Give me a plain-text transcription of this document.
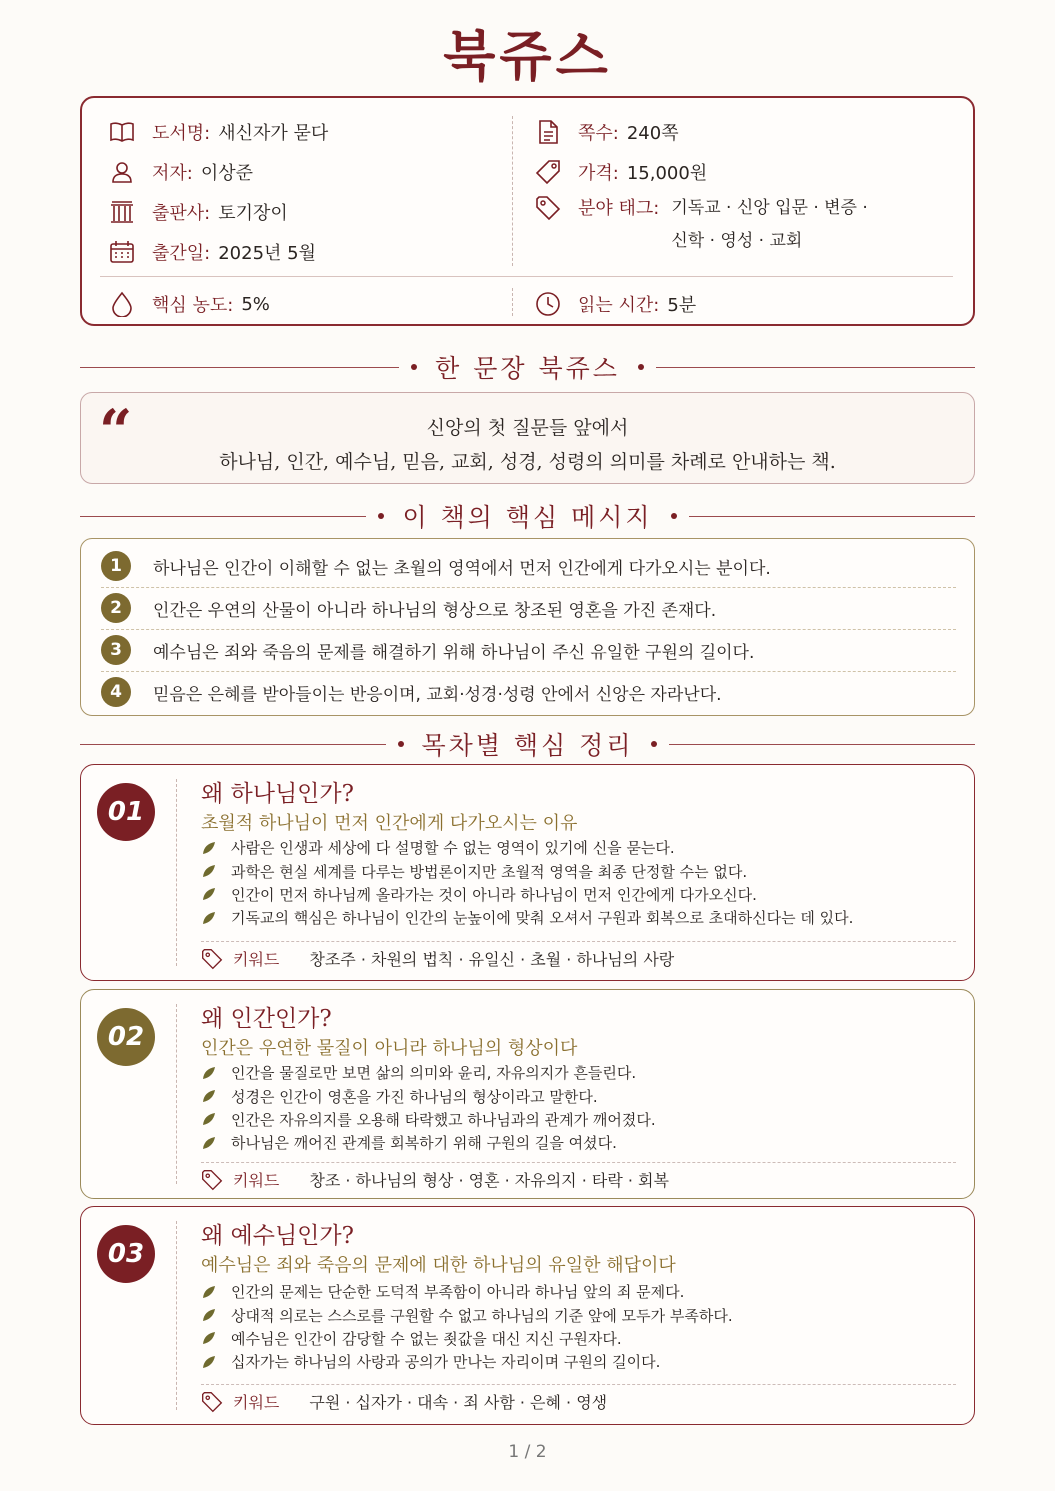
북쥬스
도서명: 새신자가 묻다
저자: 이상준
출판사: 토기장이
출간일: 2025년 5월
쪽수: 240쪽
가격: 15,000원
분야 태그: 기독교 · 신앙 입문 · 변증 ·
신학 · 영성 · 교회
핵심 농도: 5%	읽는 시간: 5분
한 문장 북쥬스
“	신앙의 첫 질문들 앞에서
하나님, 인간, 예수님, 믿음, 교회, 성경, 성령의 의미를 차례로 안내하는 책.
이 책의 핵심 메시지
1	하나님은 인간이 이해할 수 없는 초월의 영역에서 먼저 인간에게 다가오시는 분이다.
2	인간은 우연의 산물이 아니라 하나님의 형상으로 창조된 영혼을 가진 존재다.
3	예수님은 죄와 죽음의 문제를 해결하기 위해 하나님이 주신 유일한 구원의 길이다.
4	믿음은 은혜를 받아들이는 반응이며, 교회·성경·성령 안에서 신앙은 자라난다.
목차별 핵심 정리
01
왜 하나님인가?
초월적 하나님이 먼저 인간에게 다가오시는 이유
사람은 인생과 세상에 다 설명할 수 없는 영역이 있기에 신을 묻는다.
과학은 현실 세계를 다루는 방법론이지만 초월적 영역을 최종 단정할 수는 없다.
인간이 먼저 하나님께 올라가는 것이 아니라 하나님이 먼저 인간에게 다가오신다.
기독교의 핵심은 하나님이 인간의 눈높이에 맞춰 오셔서 구원과 회복으로 초대하신다는 데 있다.
키워드 창조주 · 차원의 법칙 · 유일신 · 초월 · 하나님의 사랑
02
왜 인간인가?
인간은 우연한 물질이 아니라 하나님의 형상이다
인간을 물질로만 보면 삶의 의미와 윤리, 자유의지가 흔들린다.
성경은 인간이 영혼을 가진 하나님의 형상이라고 말한다.
인간은 자유의지를 오용해 타락했고 하나님과의 관계가 깨어졌다.
하나님은 깨어진 관계를 회복하기 위해 구원의 길을 여셨다.
키워드 창조 · 하나님의 형상 · 영혼 · 자유의지 · 타락 · 회복
03
왜 예수님인가?
예수님은 죄와 죽음의 문제에 대한 하나님의 유일한 해답이다
인간의 문제는 단순한 도덕적 부족함이 아니라 하나님 앞의 죄 문제다.
상대적 의로는 스스로를 구원할 수 없고 하나님의 기준 앞에 모두가 부족하다.
예수님은 인간이 감당할 수 없는 죗값을 대신 지신 구원자다.
십자가는 하나님의 사랑과 공의가 만나는 자리이며 구원의 길이다.
키워드 구원 · 십자가 · 대속 · 죄 사함 · 은혜 · 영생
1 / 2
